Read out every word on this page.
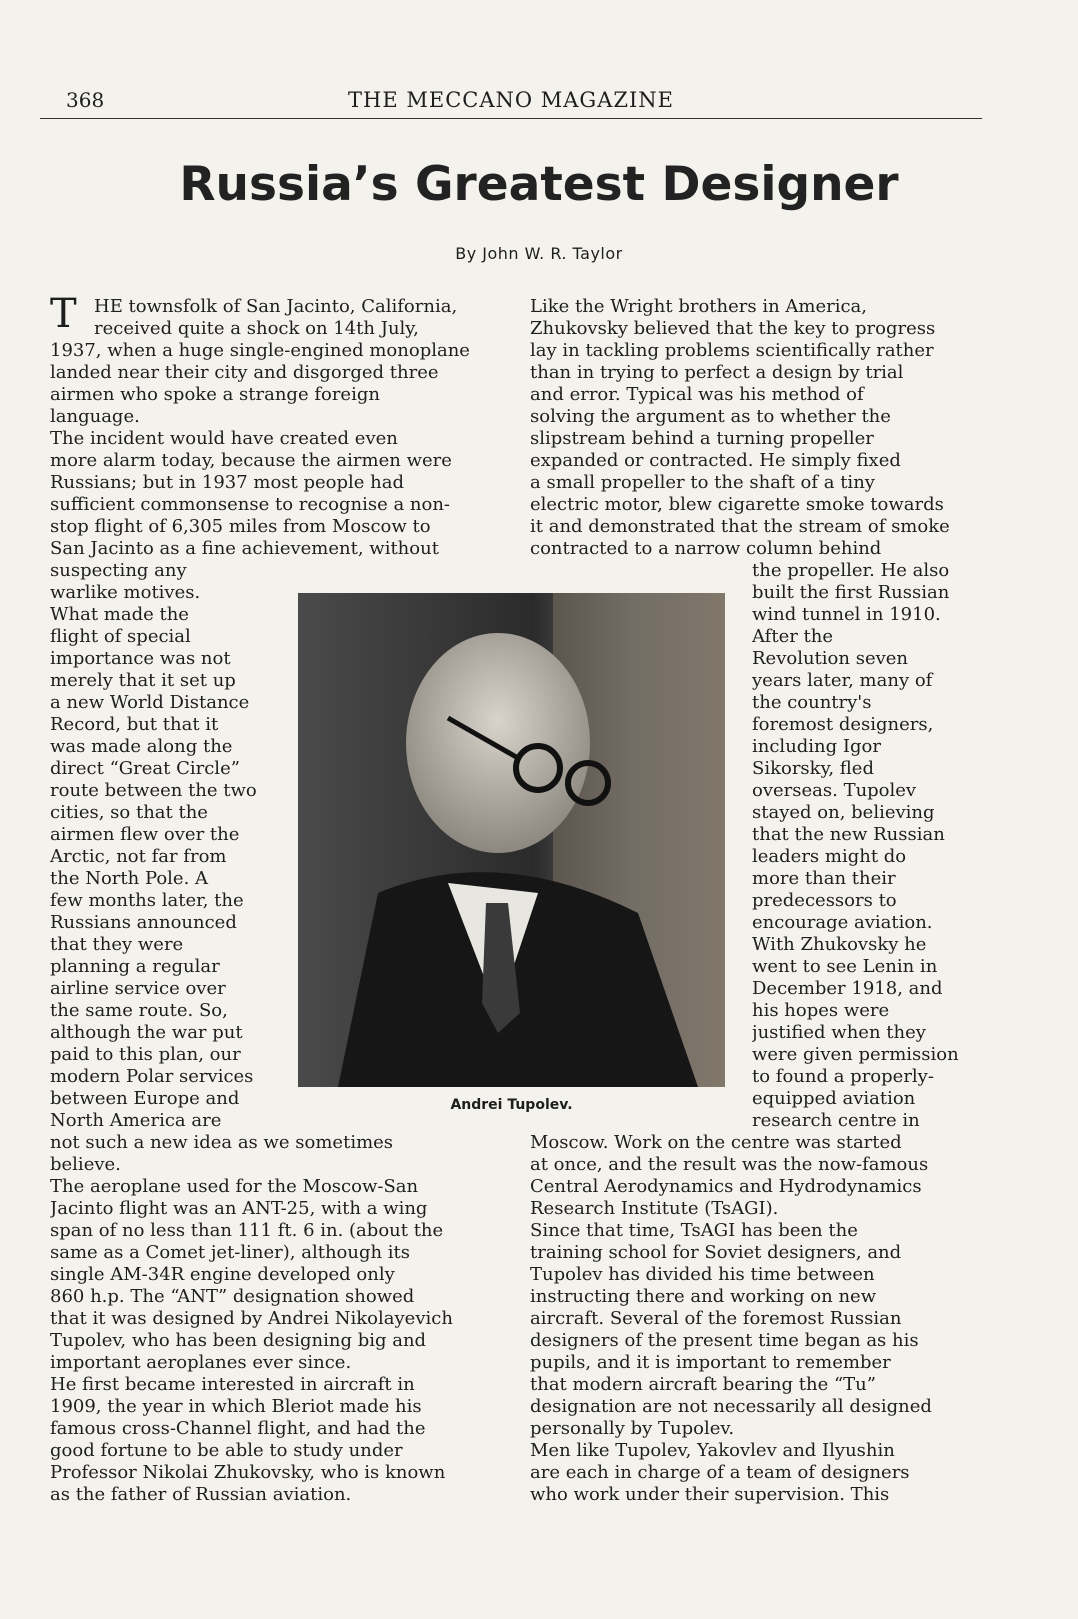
368	THE MECCANO MAGAZINE
Russia’s Greatest Designer
By John W. R. Taylor
T HE townsfolk of San Jacinto, California,
received quite a shock on 14th July,
1937, when a huge single-engined monoplane
landed near their city and disgorged three
airmen who spoke a strange foreign
language.
The incident would have created even
more alarm today, because the airmen were
Russians; but in 1937 most people had
sufficient commonsense to recognise a non-
stop flight of 6,305 miles from Moscow to
San Jacinto as a fine achievement, without
suspecting any
warlike motives.
What made the
flight of special
importance was not
merely that it set up
a new World Distance
Record, but that it
was made along the
direct “Great Circle”
route between the two
cities, so that the
airmen flew over the
Arctic, not far from
the North Pole. A
few months later, the
Russians announced
that they were
planning a regular
airline service over
the same route. So,
although the war put
paid to this plan, our
modern Polar services
between Europe and
North America are
not such a new idea as we sometimes
believe.
The aeroplane used for the Moscow-San
Jacinto flight was an ANT-25, with a wing
span of no less than 111 ft. 6 in. (about the
same as a Comet jet-liner), although its
single AM-34R engine developed only
860 h.p. The “ANT” designation showed
that it was designed by Andrei Nikolayevich
Tupolev, who has been designing big and
important aeroplanes ever since.
He first became interested in aircraft in
1909, the year in which Bleriot made his
famous cross-Channel flight, and had the
good fortune to be able to study under
Professor Nikolai Zhukovsky, who is known
as the father of Russian aviation.
Like the Wright brothers in America,
Zhukovsky believed that the key to progress
lay in tackling problems scientifically rather
than in trying to perfect a design by trial
and error. Typical was his method of
solving the argument as to whether the
slipstream behind a turning propeller
expanded or contracted. He simply fixed
a small propeller to the shaft of a tiny
electric motor, blew cigarette smoke towards
it and demonstrated that the stream of smoke
contracted to a narrow column behind
the propeller. He also
built the first Russian
wind tunnel in 1910.
After the
Revolution seven
years later, many of
the country's
foremost designers,
including Igor
Sikorsky, fled
overseas. Tupolev
stayed on, believing
that the new Russian
leaders might do
more than their
predecessors to
encourage aviation.
With Zhukovsky he
went to see Lenin in
December 1918, and
his hopes were
justified when they
were given permission
to found a properly-
equipped aviation
research centre in
Moscow. Work on the centre was started
at once, and the result was the now-famous
Central Aerodynamics and Hydrodynamics
Research Institute (TsAGI).
Since that time, TsAGI has been the
training school for Soviet designers, and
Tupolev has divided his time between
instructing there and working on new
aircraft. Several of the foremost Russian
designers of the present time began as his
pupils, and it is important to remember
that modern aircraft bearing the “Tu”
designation are not necessarily all designed
personally by Tupolev.
Men like Tupolev, Yakovlev and Ilyushin
are each in charge of a team of designers
who work under their supervision. This
Andrei Tupolev.
